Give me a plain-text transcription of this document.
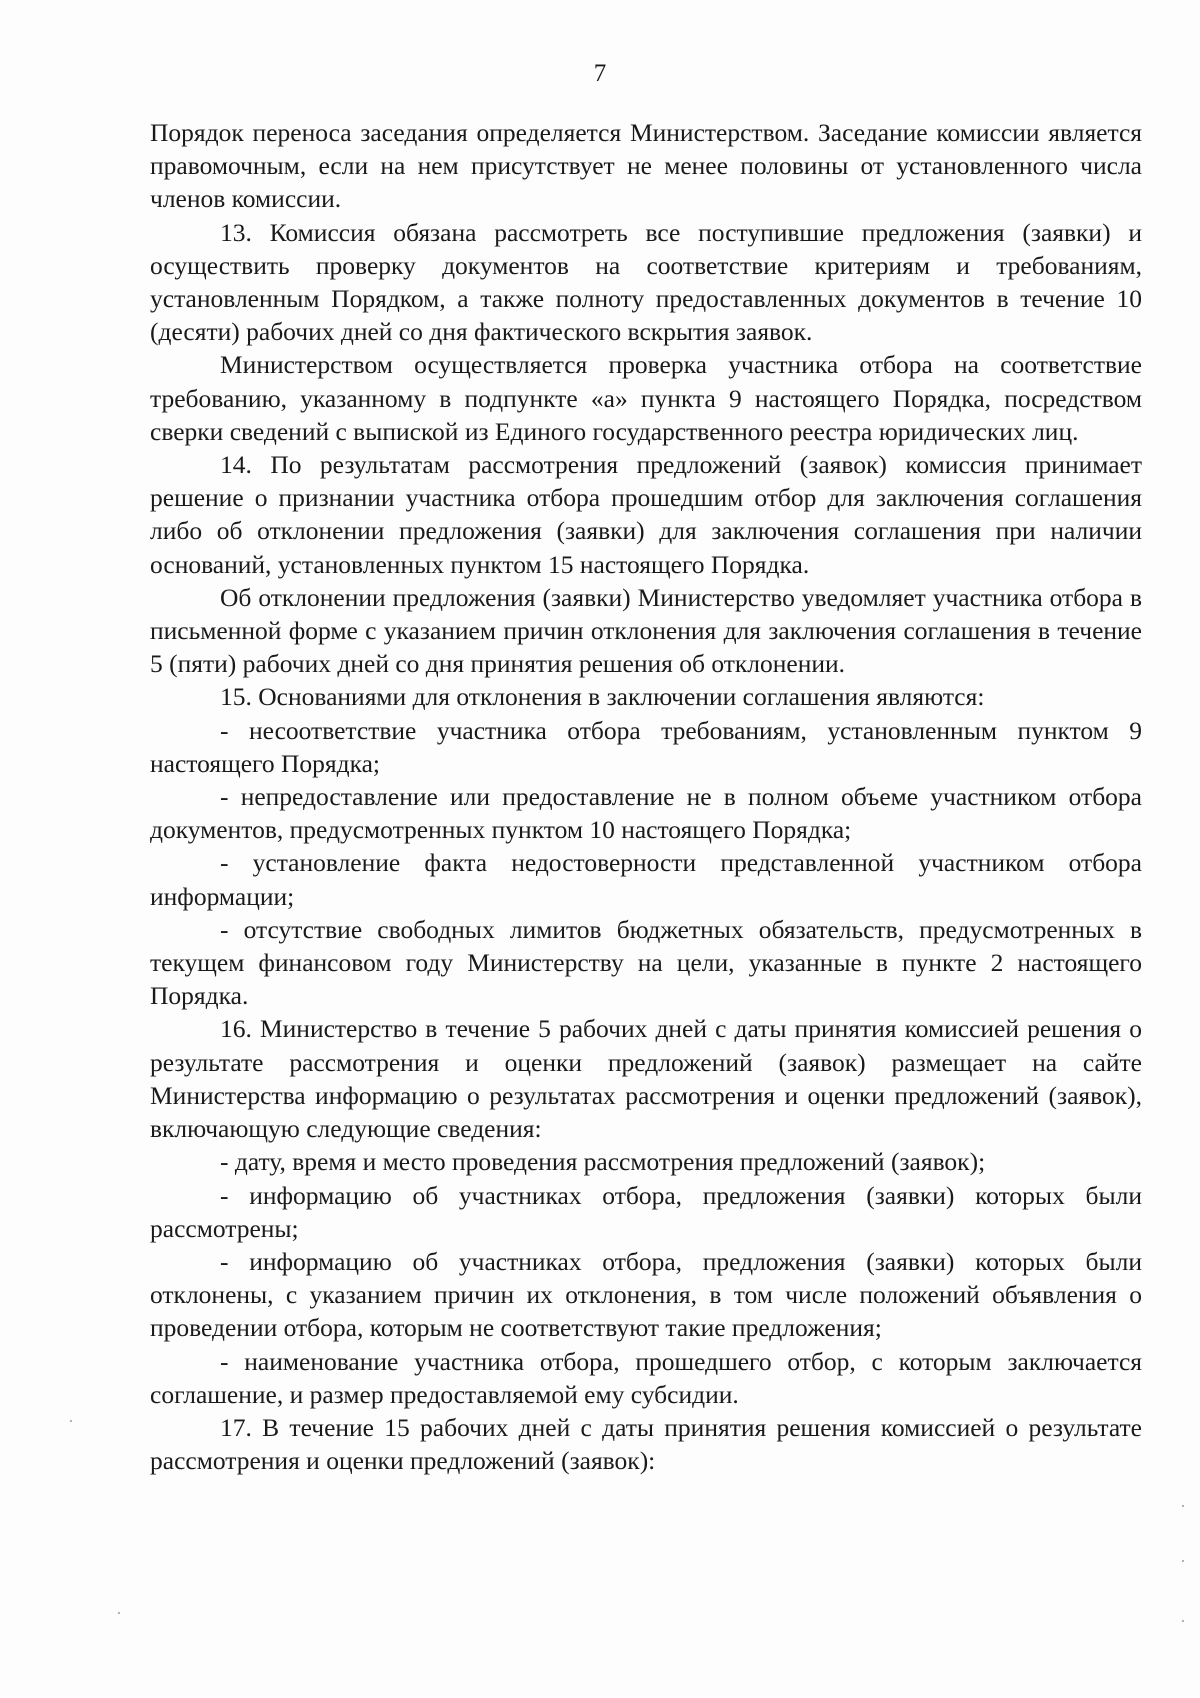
7

Порядок переноса заседания определяется Министерством. Заседание комиссии является правомочным, если на нем присутствует не менее половины от установленного числа членов комиссии.

13. Комиссия обязана рассмотреть все поступившие предложения (заявки) и осуществить проверку документов на соответствие критериям и требованиям, установленным Порядком, а также полноту предоставленных документов в течение 10 (десяти) рабочих дней со дня фактического вскрытия заявок.

Министерством осуществляется проверка участника отбора на соответствие требованию, указанному в подпункте «а» пункта 9 настоящего Порядка, посредством сверки сведений с выпиской из Единого государственного реестра юридических лиц.

14. По результатам рассмотрения предложений (заявок) комиссия принимает решение о признании участника отбора прошедшим отбор для заключения соглашения либо об отклонении предложения (заявки) для заключения соглашения при наличии оснований, установленных пунктом 15 настоящего Порядка.

Об отклонении предложения (заявки) Министерство уведомляет участника отбора в письменной форме с указанием причин отклонения для заключения соглашения в течение 5 (пяти) рабочих дней со дня принятия решения об отклонении.

15. Основаниями для отклонения в заключении соглашения являются:

- несоответствие участника отбора требованиям, установленным пунктом 9 настоящего Порядка;

- непредоставление или предоставление не в полном объеме участником отбора документов, предусмотренных пунктом 10 настоящего Порядка;

- установление факта недостоверности представленной участником отбора информации;

- отсутствие свободных лимитов бюджетных обязательств, предусмотренных в текущем финансовом году Министерству на цели, указанные в пункте 2 настоящего Порядка.

16. Министерство в течение 5 рабочих дней с даты принятия комиссией решения о результате рассмотрения и оценки предложений (заявок) размещает на сайте Министерства информацию о результатах рассмотрения и оценки предложений (заявок), включающую следующие сведения:

- дату, время и место проведения рассмотрения предложений (заявок);

- информацию об участниках отбора, предложения (заявки) которых были рассмотрены;

- информацию об участниках отбора, предложения (заявки) которых были отклонены, с указанием причин их отклонения, в том числе положений объявления о проведении отбора, которым не соответствуют такие предложения;

- наименование участника отбора, прошедшего отбор, с которым заключается соглашение, и размер предоставляемой ему субсидии.

17. В течение 15 рабочих дней с даты принятия решения комиссией о результате рассмотрения и оценки предложений (заявок):
